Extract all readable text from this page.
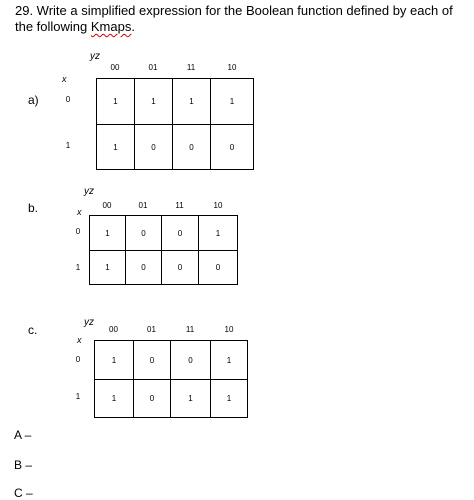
29. Write a simplified expression for the Boolean function defined by each of the following Kmaps.
a)
yz
x
00	01	11	10
0
1
1	1	1	1
1	0	0	0
b.
yz
x
00	01	11	10
0
1
1	0	0	1
1	0	0	0
c.
yz
x
00	01	11	10
0
1
1	0	0	1
1	0	1	1
A –
B –
C –
